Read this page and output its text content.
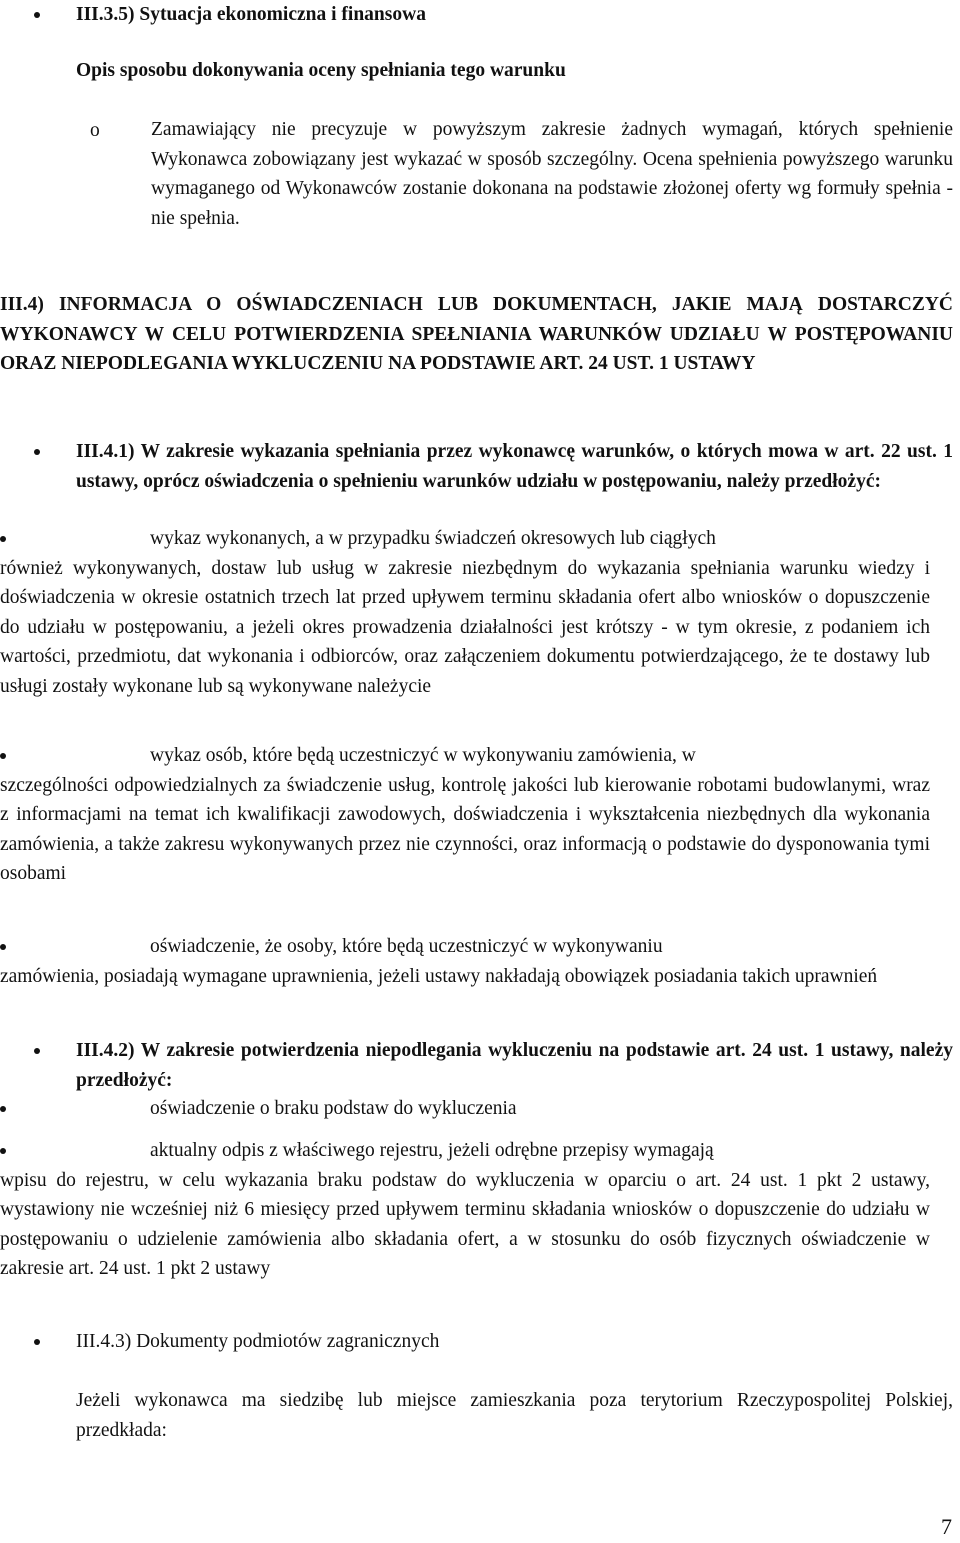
III.3.5) Sytuacja ekonomiczna i finansowa

Opis sposobu dokonywania oceny spełniania tego warunku

o	Zamawiający nie precyzuje w powyższym zakresie żadnych wymagań, których spełnienie Wykonawca zobowiązany jest wykazać w sposób szczególny. Ocena spełnienia powyższego warunku wymaganego od Wykonawców zostanie dokonana na podstawie złożonej oferty wg formuły spełnia - nie spełnia.

III.4) INFORMACJA O OŚWIADCZENIACH LUB DOKUMENTACH, JAKIE MAJĄ DOSTARCZYĆ WYKONAWCY W CELU POTWIERDZENIA SPEŁNIANIA WARUNKÓW UDZIAŁU W POSTĘPOWANIU ORAZ NIEPODLEGANIA WYKLUCZENIU NA PODSTAWIE ART. 24 UST. 1 USTAWY

III.4.1) W zakresie wykazania spełniania przez wykonawcę warunków, o których mowa w art. 22 ust. 1 ustawy, oprócz oświadczenia o spełnieniu warunków udziału w postępowaniu, należy przedłożyć:

wykaz wykonanych, a w przypadku świadczeń okresowych lub ciągłych
również wykonywanych, dostaw lub usług w zakresie niezbędnym do wykazania spełniania warunku wiedzy i doświadczenia w okresie ostatnich trzech lat przed upływem terminu składania ofert albo wniosków o dopuszczenie do udziału w postępowaniu, a jeżeli okres prowadzenia działalności jest krótszy - w tym okresie, z podaniem ich wartości, przedmiotu, dat wykonania i odbiorców, oraz załączeniem dokumentu potwierdzającego, że te dostawy lub usługi zostały wykonane lub są wykonywane należycie
wykaz osób, które będą uczestniczyć w wykonywaniu zamówienia, w
szczególności odpowiedzialnych za świadczenie usług, kontrolę jakości lub kierowanie robotami budowlanymi, wraz z informacjami na temat ich kwalifikacji zawodowych, doświadczenia i wykształcenia niezbędnych dla wykonania zamówienia, a także zakresu wykonywanych przez nie czynności, oraz informacją o podstawie do dysponowania tymi osobami
oświadczenie, że osoby, które będą uczestniczyć w wykonywaniu
zamówienia, posiadają wymagane uprawnienia, jeżeli ustawy nakładają obowiązek posiadania takich uprawnień

III.4.2) W zakresie potwierdzenia niepodlegania wykluczeniu na podstawie art. 24 ust. 1 ustawy, należy przedłożyć:

oświadczenie o braku podstaw do wykluczenia
aktualny odpis z właściwego rejestru, jeżeli odrębne przepisy wymagają
wpisu do rejestru, w celu wykazania braku podstaw do wykluczenia w oparciu o art. 24 ust. 1 pkt 2 ustawy, wystawiony nie wcześniej niż 6 miesięcy przed upływem terminu składania wniosków o dopuszczenie do udziału w postępowaniu o udzielenie zamówienia albo składania ofert, a w stosunku do osób fizycznych oświadczenie w zakresie art. 24 ust. 1 pkt 2 ustawy

III.4.3) Dokumenty podmiotów zagranicznych

Jeżeli wykonawca ma siedzibę lub miejsce zamieszkania poza terytorium Rzeczypospolitej Polskiej, przedkłada:

7
